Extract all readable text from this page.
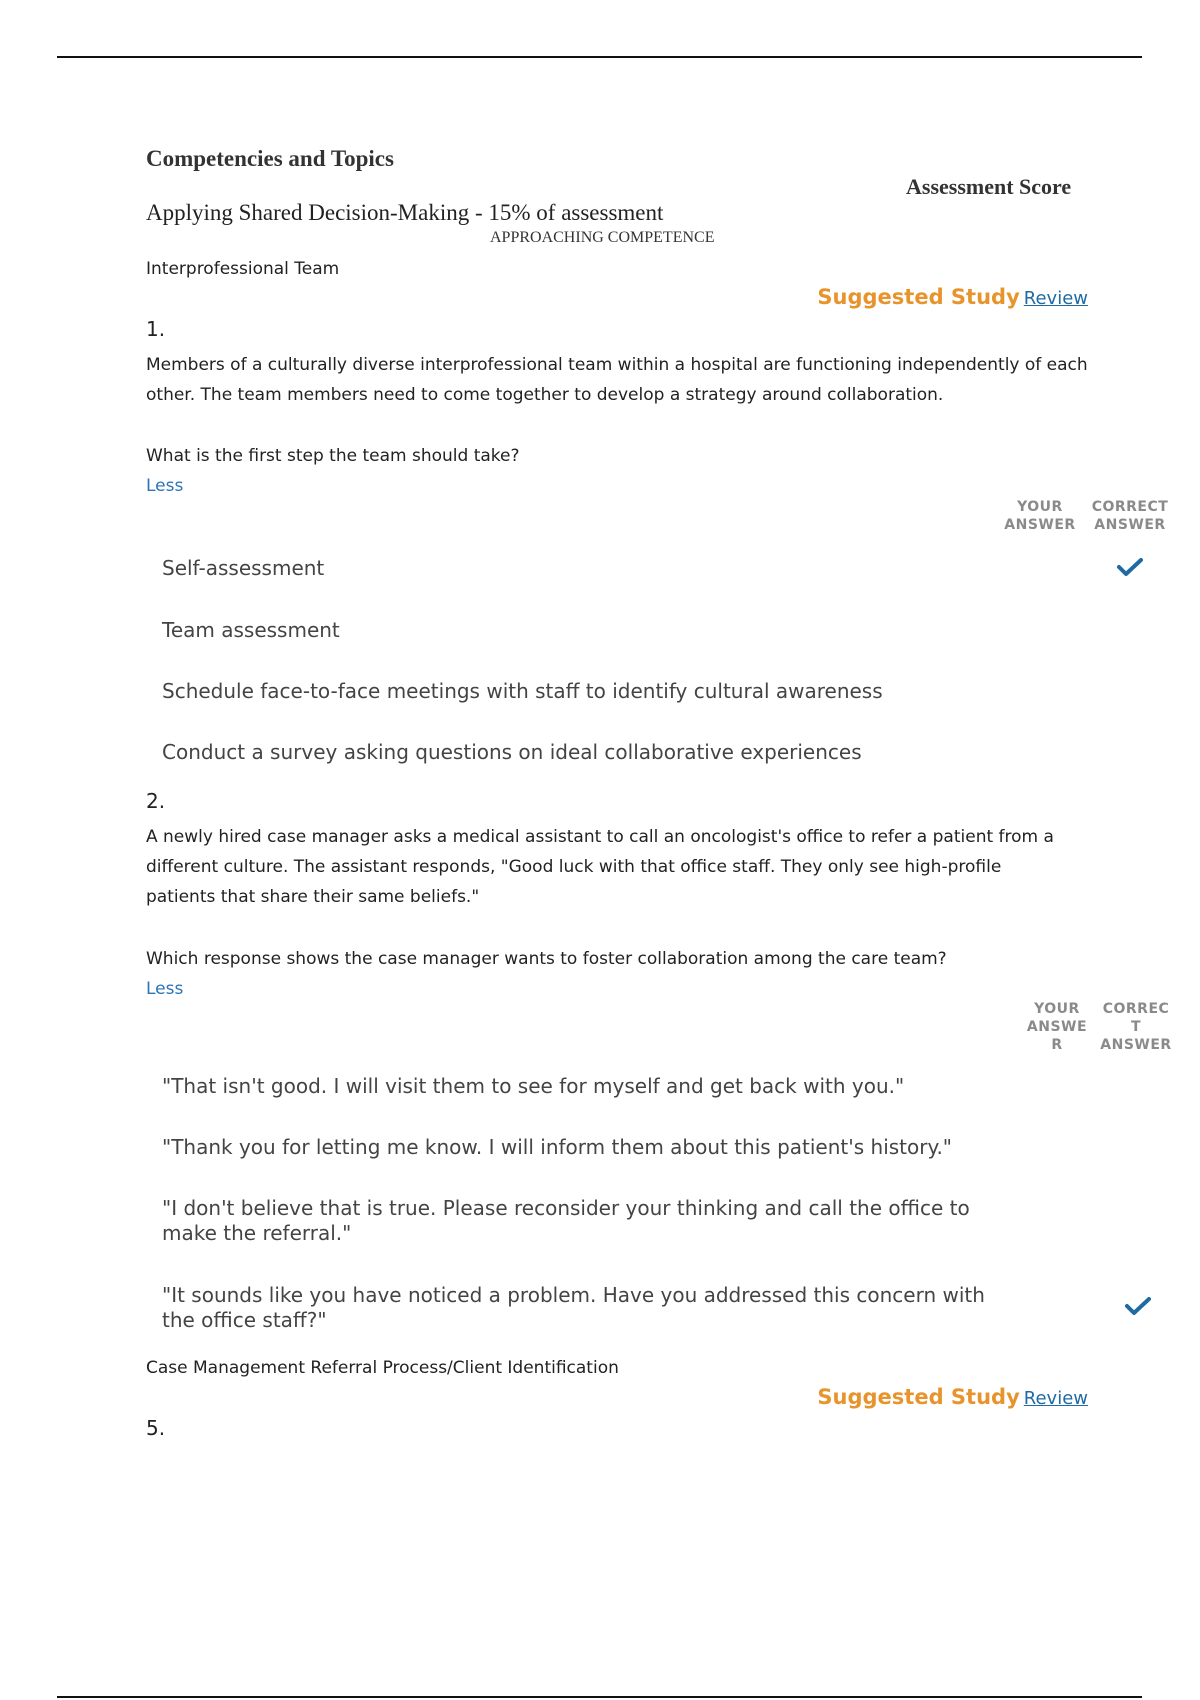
Competencies and Topics
Assessment Score
Applying Shared Decision-Making - 15% of assessment
APPROACHING COMPETENCE
Interprofessional Team
Suggested Study Review
1.
Members of a culturally diverse interprofessional team within a hospital are functioning independently of each other. The team members need to come together to develop a strategy around collaboration.
What is the first step the team should take?
Less
YOUR ANSWER
CORRECT ANSWER
Self-assessment
Team assessment
Schedule face-to-face meetings with staff to identify cultural awareness
Conduct a survey asking questions on ideal collaborative experiences
2.
A newly hired case manager asks a medical assistant to call an oncologist's office to refer a patient from a different culture. The assistant responds, "Good luck with that office staff. They only see high-profile patients that share their same beliefs."
Which response shows the case manager wants to foster collaboration among the care team?
Less
YOUR ANSWE R
CORREC T ANSWER
"That isn't good. I will visit them to see for myself and get back with you."
"Thank you for letting me know. I will inform them about this patient's history."
"I don't believe that is true. Please reconsider your thinking and call the office to make the referral."
"It sounds like you have noticed a problem. Have you addressed this concern with the office staff?"
Case Management Referral Process/Client Identification
Suggested Study Review
5.
